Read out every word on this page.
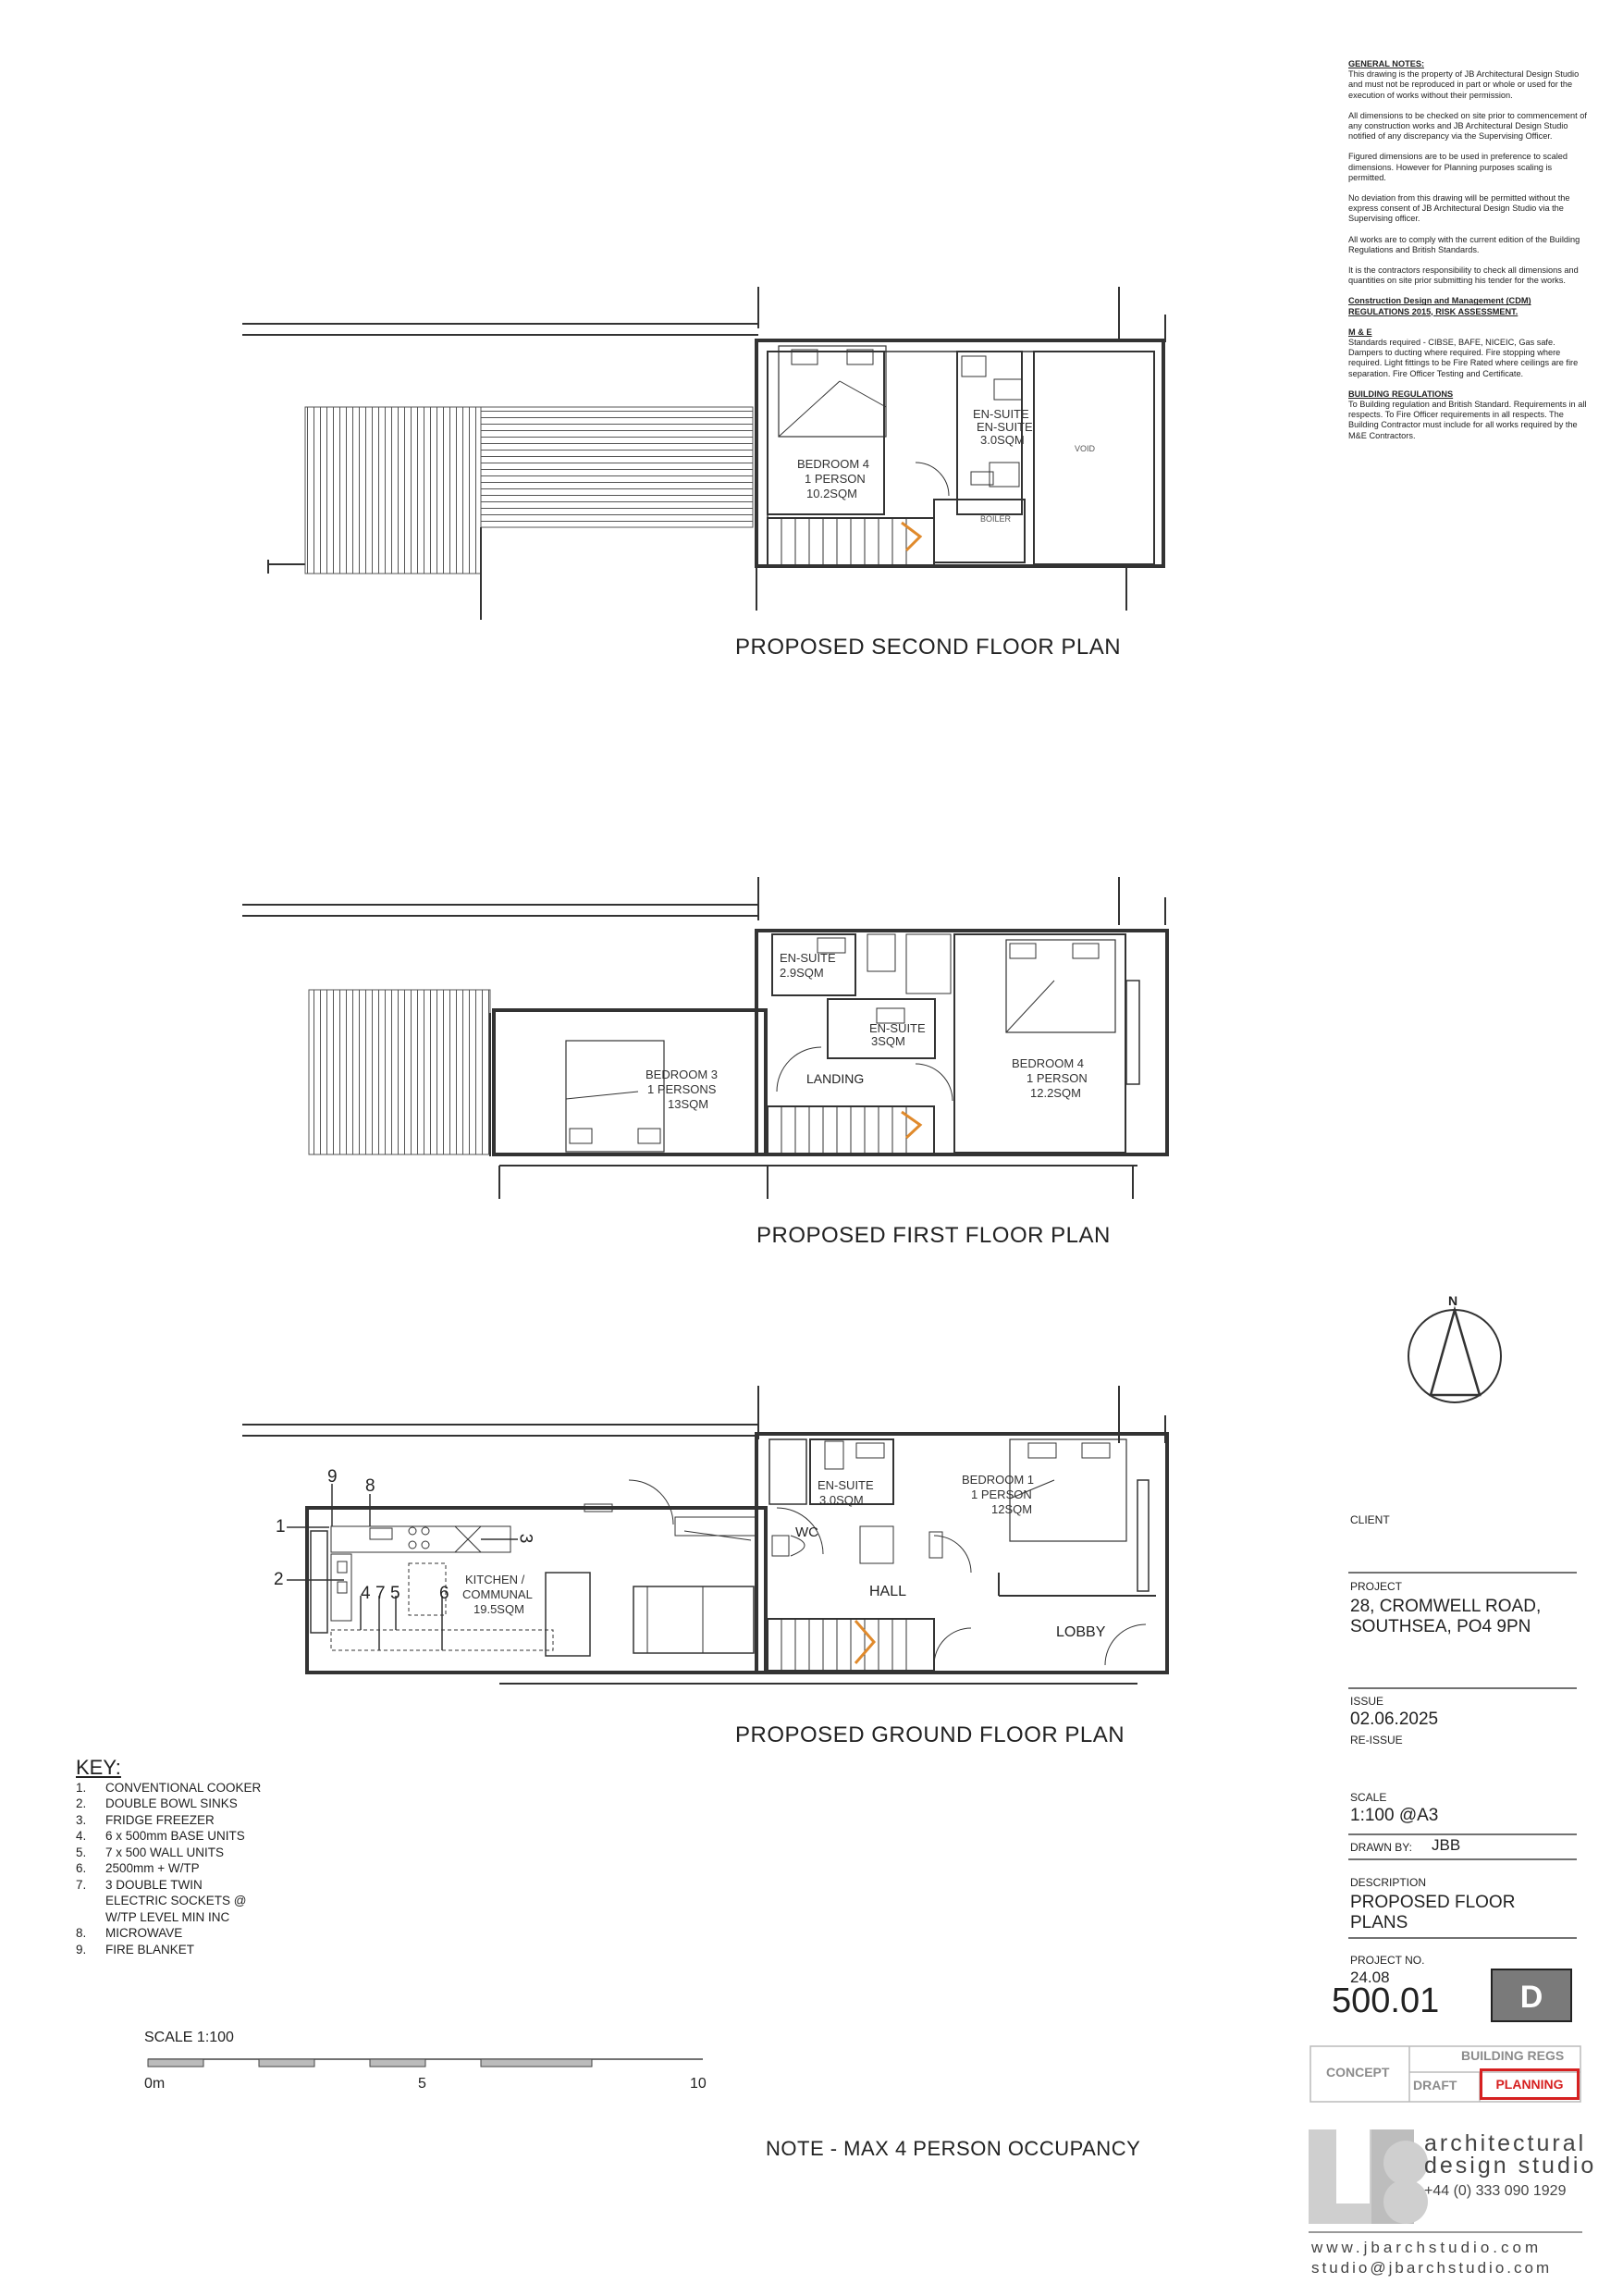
GENERAL NOTES:

This drawing is the property of JB Architectural Design Studio and must not be reproduced in part or whole or used for the execution of works without their permission.

All dimensions to be checked on site prior to commencement of any construction works and JB Architectural Design Studio notified of any discrepancy via the Supervising Officer.

Figured dimensions are to be used in preference to scaled dimensions. However for Planning purposes scaling is permitted.

No deviation from this drawing will be permitted without the express consent of JB Architectural Design Studio via the Supervising officer.

All works are to comply with the current edition of the Building Regulations and British Standards.

It is the contractors responsibility to check all dimensions and quantities on site prior submitting his tender for the works.

Construction Design and Management (CDM) REGULATIONS 2015, RISK ASSESSMENT.
M & E

Standards required - CIBSE, BAFE, NICEIC, Gas safe. Dampers to ducting where required. Fire stopping where required. Light fittings to be Fire Rated where ceilings are fire separation. Fire Officer Testing and Certificate.

BUILDING REGULATIONS

To Building regulation and British Standard. Requirements in all respects. To Fire Officer requirements in all respects. The Building Contractor must include for all works required by the M&E Contractors.

BEDROOM 4
1 PERSON
10.2SQM
EN-SUITE
EN-SUITE
3.0SQM
VOID
BOILER
PROPOSED SECOND FLOOR PLAN
EN-SUITE
2.9SQM
EN-SUITE
3SQM
BEDROOM 3
1 PERSONS
13SQM
BEDROOM 4
1 PERSON
12.2SQM
LANDING
PROPOSED FIRST FLOOR PLAN
KITCHEN /
COMMUNAL
19.5SQM
EN-SUITE
3.0SQM
BEDROOM 1
1 PERSON
12SQM
WC
HALL
LOBBY
1
2
3
4 5 6
7
8
9
PROPOSED GROUND FLOOR PLAN
N
KEY:
1.	CONVENTIONAL COOKER
2.	DOUBLE BOWL SINKS
3.	FRIDGE FREEZER
4.	6 x 500mm BASE UNITS
5.	7 x 500 WALL UNITS
6.	2500mm + W/TP
7.	3 DOUBLE TWIN
ELECTRIC SOCKETS @
W/TP LEVEL MIN INC
8.	MICROWAVE
9.	FIRE BLANKET
SCALE 1:100
0m	5	10
NOTE - MAX 4 PERSON OCCUPANCY
CLIENT
PROJECT
28, CROMWELL ROAD,
SOUTHSEA, PO4 9PN
ISSUE
02.06.2025
RE-ISSUE
SCALE
1:100 @A3
DRAWN BY: JBB
DESCRIPTION
PROPOSED FLOOR
PLANS
PROJECT NO.
24.08
500.01	D
CONCEPT
BUILDING REGS
DRAFT	PLANNING
architectural
design studio
+44 (0) 333 090 1929
www.jbarchstudio.com
studio@jbarchstudio.com
